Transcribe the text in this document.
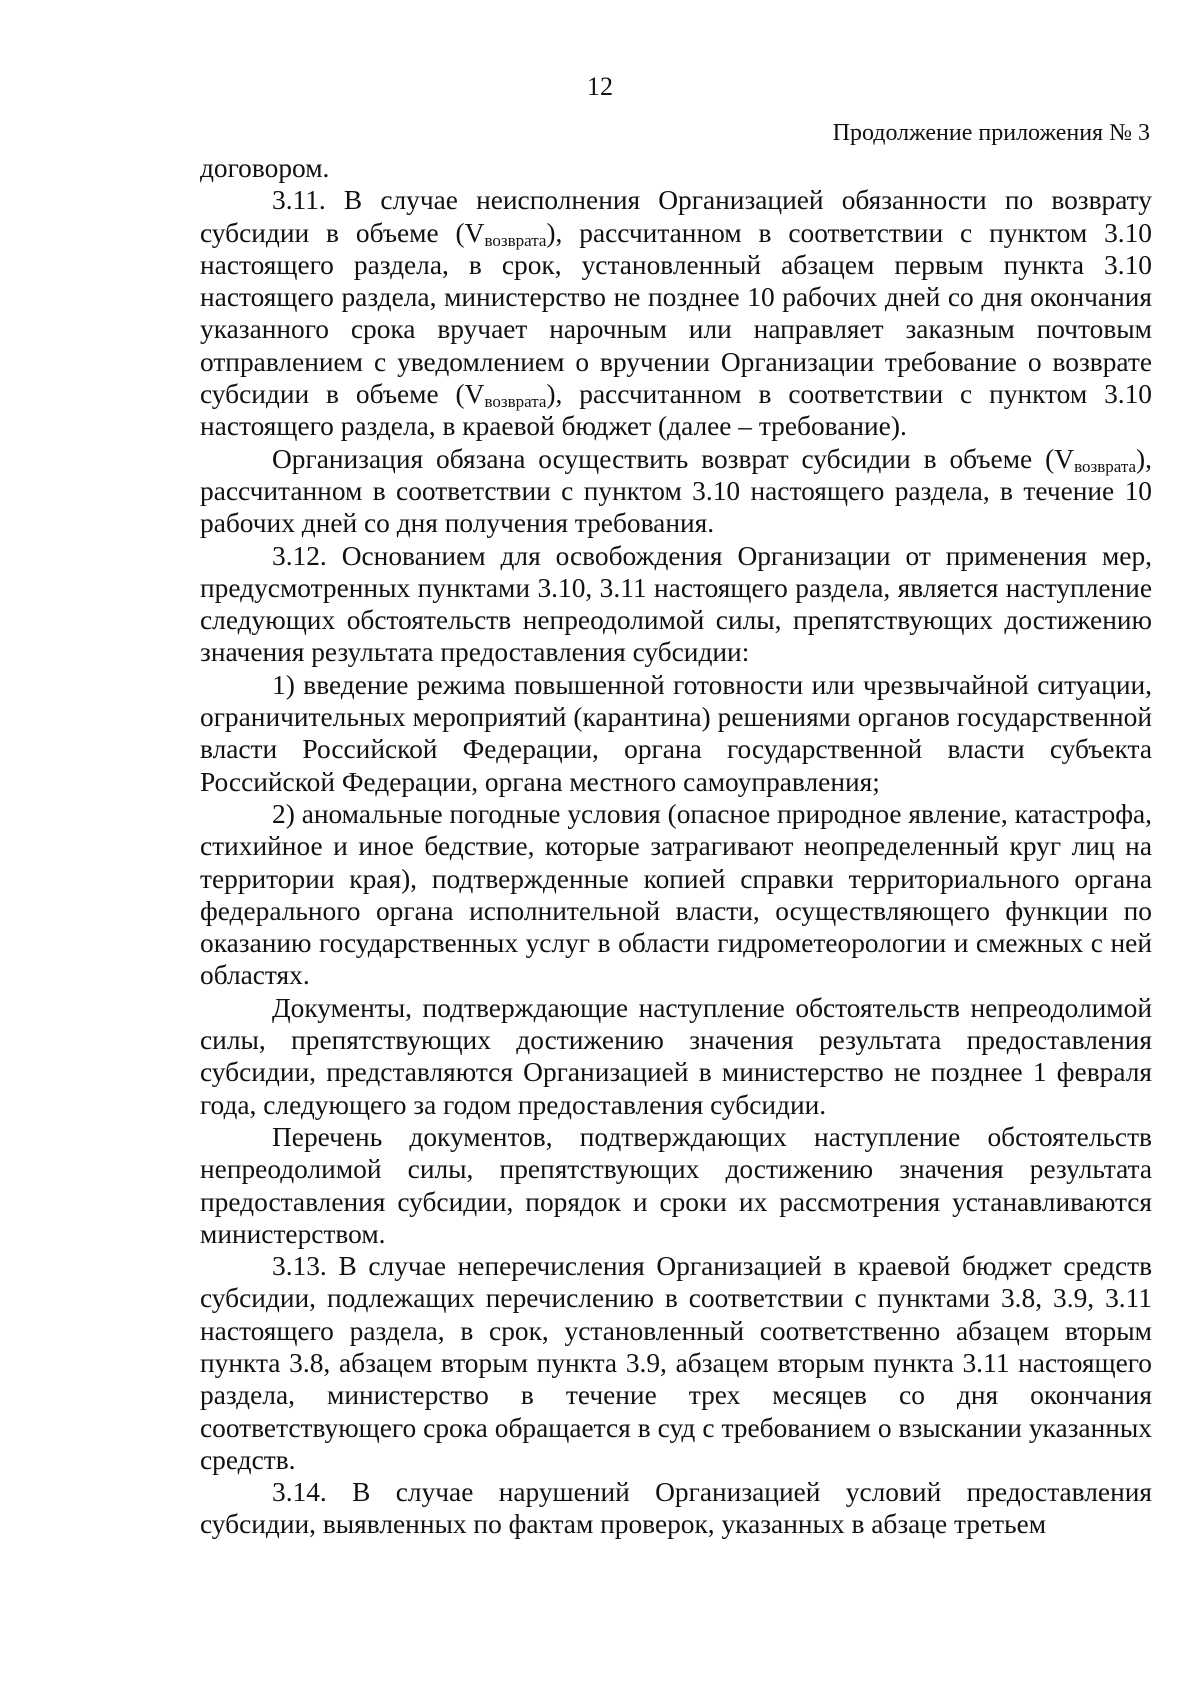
12
Продолжение приложения № 3

договором.

3.11. В случае неисполнения Организацией обязанности по возврату субсидии в объеме $(V_{возврата})$, рассчитанном в соответствии с пунктом 3.10 настоящего раздела, в срок, установленный абзацем первым пункта 3.10 настоящего раздела, министерство не позднее 10 рабочих дней со дня окончания указанного срока вручает нарочным или направляет заказным почтовым отправлением с уведомлением о вручении Организации требование о возврате субсидии в объеме $(V_{возврата})$, рассчитанном в соответствии с пунктом 3.10 настоящего раздела, в краевой бюджет (далее – требование).

Организация обязана осуществить возврат субсидии в объеме $(V_{возврата})$, рассчитанном в соответствии с пунктом 3.10 настоящего раздела, в течение 10 рабочих дней со дня получения требования.

3.12. Основанием для освобождения Организации от применения мер, предусмотренных пунктами 3.10, 3.11 настоящего раздела, является наступление следующих обстоятельств непреодолимой силы, препятствующих достижению значения результата предоставления субсидии:

1) введение режима повышенной готовности или чрезвычайной ситуации, ограничительных мероприятий (карантина) решениями органов государственной власти Российской Федерации, органа государственной власти субъекта Российской Федерации, органа местного самоуправления;

2) аномальные погодные условия (опасное природное явление, катастрофа, стихийное и иное бедствие, которые затрагивают неопределенный круг лиц на территории края), подтвержденные копией справки территориального органа федерального органа исполнительной власти, осуществляющего функции по оказанию государственных услуг в области гидрометеорологии и смежных с ней областях.

Документы, подтверждающие наступление обстоятельств непреодолимой силы, препятствующих достижению значения результата предоставления субсидии, представляются Организацией в министерство не позднее 1 февраля года, следующего за годом предоставления субсидии.

Перечень документов, подтверждающих наступление обстоятельств непреодолимой силы, препятствующих достижению значения результата предоставления субсидии, порядок и сроки их рассмотрения устанавливаются министерством.

3.13. В случае неперечисления Организацией в краевой бюджет средств субсидии, подлежащих перечислению в соответствии с пунктами 3.8, 3.9, 3.11 настоящего раздела, в срок, установленный соответственно абзацем вторым пункта 3.8, абзацем вторым пункта 3.9, абзацем вторым пункта 3.11 настоящего раздела, министерство в течение трех месяцев со дня окончания соответствующего срока обращается в суд с требованием о взыскании указанных средств.

3.14. В случае нарушений Организацией условий предоставления субсидии, выявленных по фактам проверок, указанных в абзаце третьем
